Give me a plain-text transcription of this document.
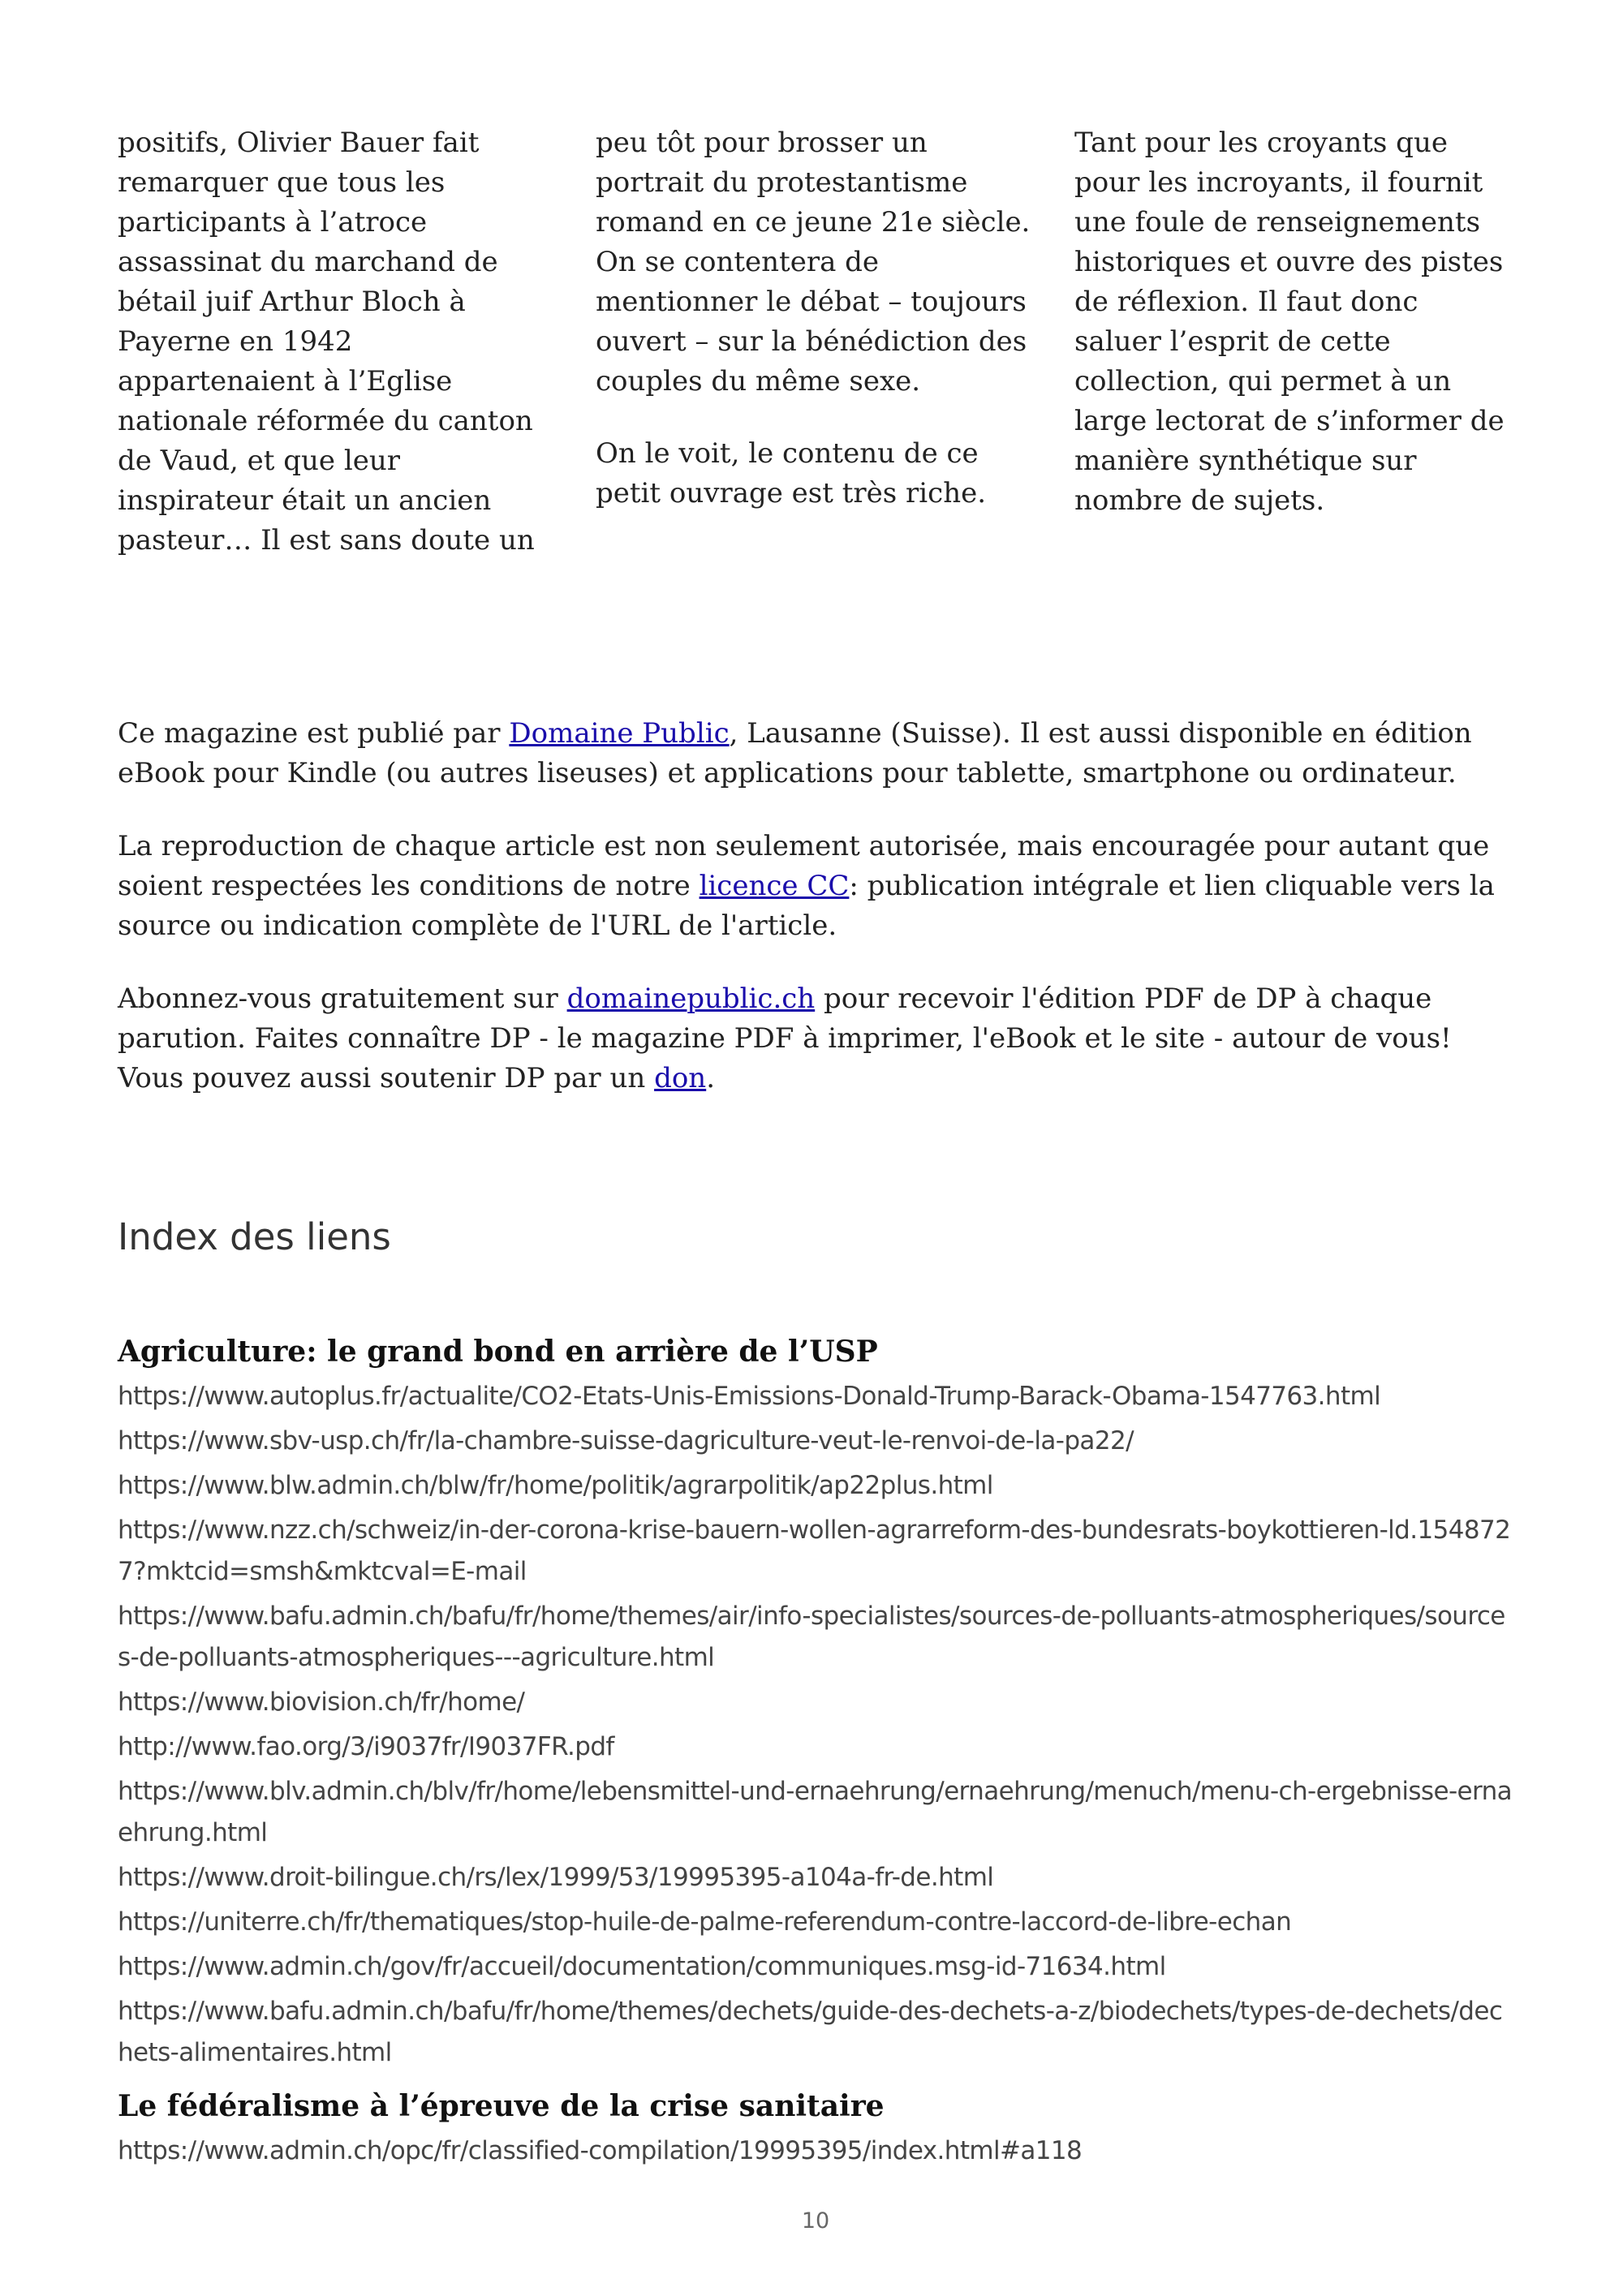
positifs, Olivier Bauer fait remarquer que tous les participants à l’atroce assassinat du marchand de bétail juif Arthur Bloch à Payerne en 1942 appartenaient à l’Eglise nationale réformée du canton de Vaud, et que leur inspirateur était un ancien pasteur… Il est sans doute un

peu tôt pour brosser un portrait du protestantisme romand en ce jeune 21e siècle. On se contentera de mentionner le débat – toujours ouvert – sur la bénédiction des couples du même sexe.

On le voit, le contenu de ce petit ouvrage est très riche.

Tant pour les croyants que pour les incroyants, il fournit une foule de renseignements historiques et ouvre des pistes de réflexion. Il faut donc saluer l’esprit de cette collection, qui permet à un large lectorat de s’informer de manière synthétique sur nombre de sujets.

Ce magazine est publié par Domaine Public, Lausanne (Suisse). Il est aussi disponible en édition eBook pour Kindle (ou autres liseuses) et applications pour tablette, smartphone ou ordinateur.

La reproduction de chaque article est non seulement autorisée, mais encouragée pour autant que soient respectées les conditions de notre licence CC: publication intégrale et lien cliquable vers la source ou indication complète de l'URL de l'article.

Abonnez-vous gratuitement sur domainepublic.ch pour recevoir l'édition PDF de DP à chaque parution. Faites connaître DP - le magazine PDF à imprimer, l'eBook et le site - autour de vous! Vous pouvez aussi soutenir DP par un don.

Index des liens
Agriculture: le grand bond en arrière de l’USP
https://www.autoplus.fr/actualite/CO2-Etats-Unis-Emissions-Donald-Trump-Barack-Obama-1547763.html
https://www.sbv-usp.ch/fr/la-chambre-suisse-dagriculture-veut-le-renvoi-de-la-pa22/
https://www.blw.admin.ch/blw/fr/home/politik/agrarpolitik/ap22plus.html
https://www.nzz.ch/schweiz/in-der-corona-krise-bauern-wollen-agrarreform-des-bundesrats-boykottieren-ld.1548727?mktcid=smsh&mktcval=E-mail
https://www.bafu.admin.ch/bafu/fr/home/themes/air/info-specialistes/sources-de-polluants-atmospheriques/sources-de-polluants-atmospheriques---agriculture.html
https://www.biovision.ch/fr/home/
http://www.fao.org/3/i9037fr/I9037FR.pdf
https://www.blv.admin.ch/blv/fr/home/lebensmittel-und-ernaehrung/ernaehrung/menuch/menu-ch-ergebnisse-ernaehrung.html
https://www.droit-bilingue.ch/rs/lex/1999/53/19995395-a104a-fr-de.html
https://uniterre.ch/fr/thematiques/stop-huile-de-palme-referendum-contre-laccord-de-libre-echan
https://www.admin.ch/gov/fr/accueil/documentation/communiques.msg-id-71634.html
https://www.bafu.admin.ch/bafu/fr/home/themes/dechets/guide-des-dechets-a-z/biodechets/types-de-dechets/dechets-alimentaires.html
Le fédéralisme à l’épreuve de la crise sanitaire
https://www.admin.ch/opc/fr/classified-compilation/19995395/index.html#a118
10
